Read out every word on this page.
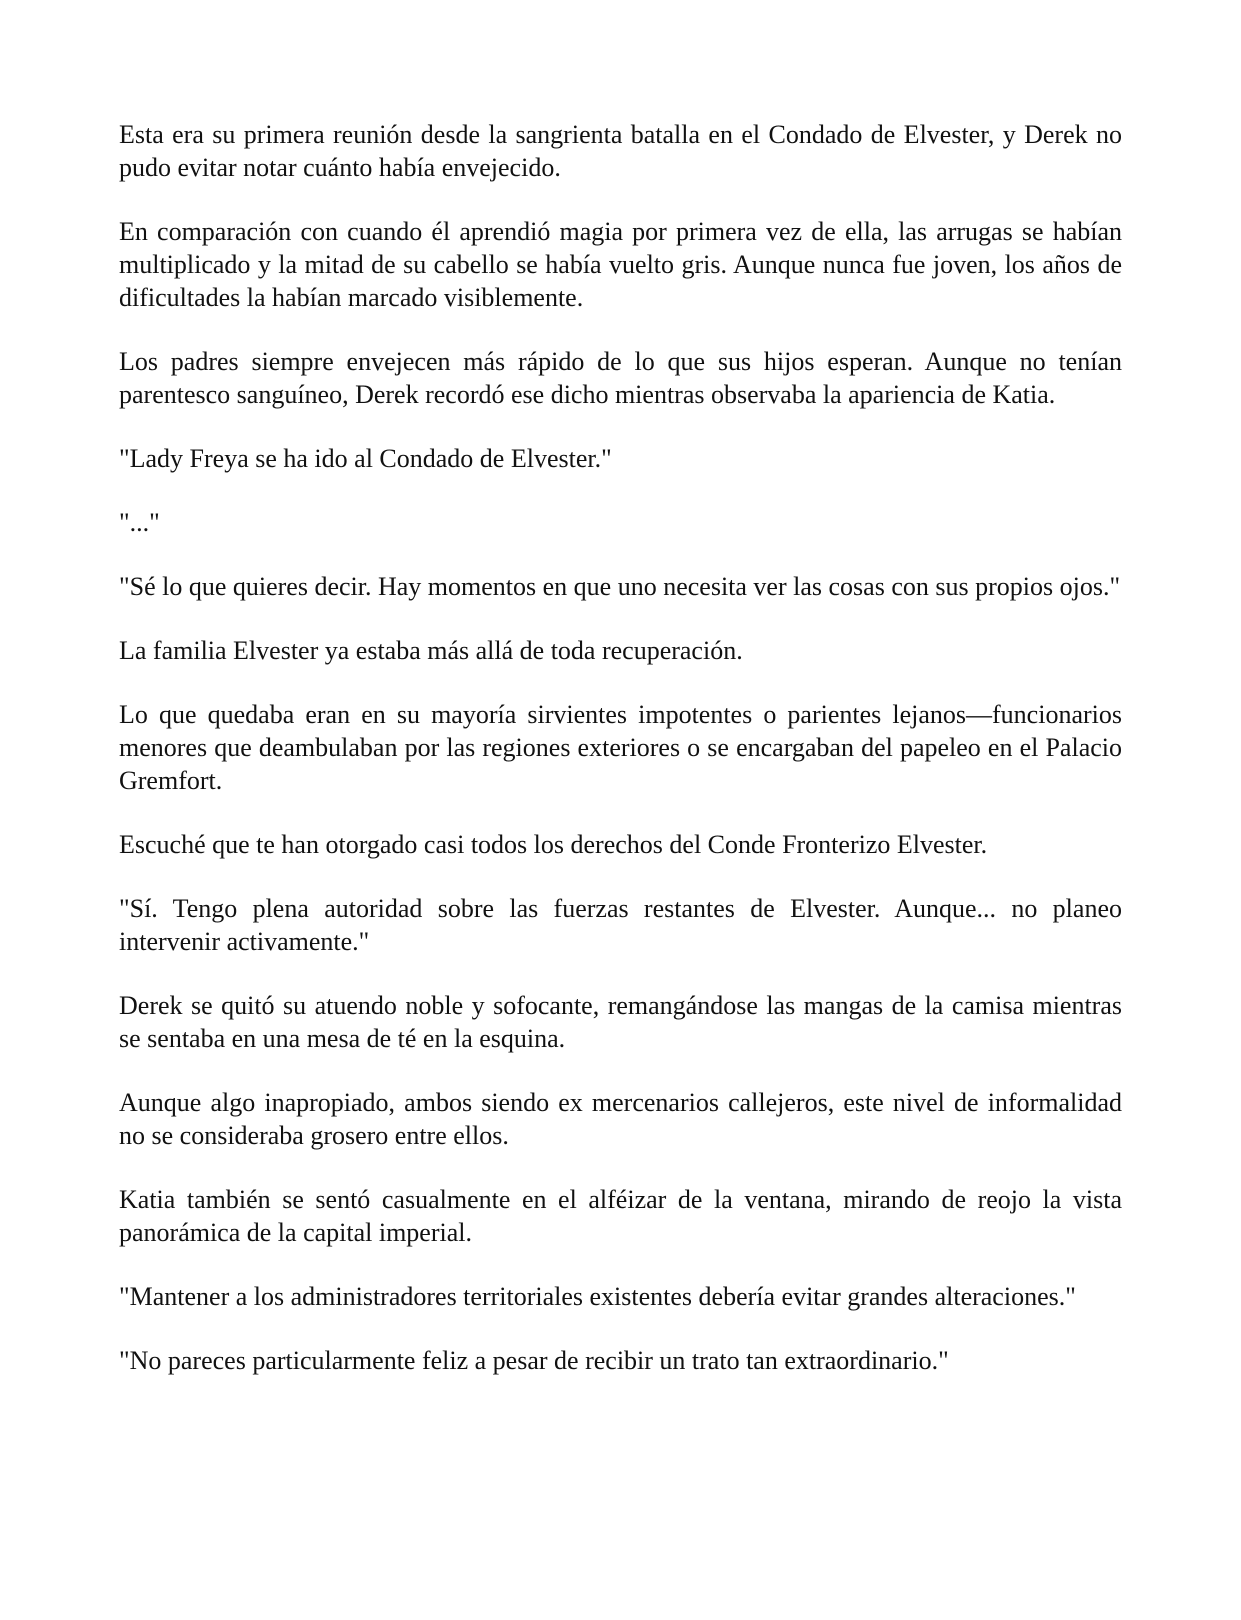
Esta era su primera reunión desde la sangrienta batalla en el Condado de Elvester, y Derek no pudo evitar notar cuánto había envejecido.

En comparación con cuando él aprendió magia por primera vez de ella, las arrugas se habían multiplicado y la mitad de su cabello se había vuelto gris. Aunque nunca fue joven, los años de dificultades la habían marcado visiblemente.

Los padres siempre envejecen más rápido de lo que sus hijos esperan. Aunque no tenían parentesco sanguíneo, Derek recordó ese dicho mientras observaba la apariencia de Katia.

"Lady Freya se ha ido al Condado de Elvester."

"..."

"Sé lo que quieres decir. Hay momentos en que uno necesita ver las cosas con sus propios ojos."

La familia Elvester ya estaba más allá de toda recuperación.

Lo que quedaba eran en su mayoría sirvientes impotentes o parientes lejanos—funcionarios menores que deambulaban por las regiones exteriores o se encargaban del papeleo en el Palacio Gremfort.

Escuché que te han otorgado casi todos los derechos del Conde Fronterizo Elvester.

"Sí. Tengo plena autoridad sobre las fuerzas restantes de Elvester. Aunque... no planeo intervenir activamente."

Derek se quitó su atuendo noble y sofocante, remangándose las mangas de la camisa mientras se sentaba en una mesa de té en la esquina.

Aunque algo inapropiado, ambos siendo ex mercenarios callejeros, este nivel de informalidad no se consideraba grosero entre ellos.

Katia también se sentó casualmente en el alféizar de la ventana, mirando de reojo la vista panorámica de la capital imperial.

"Mantener a los administradores territoriales existentes debería evitar grandes alteraciones."

"No pareces particularmente feliz a pesar de recibir un trato tan extraordinario."
